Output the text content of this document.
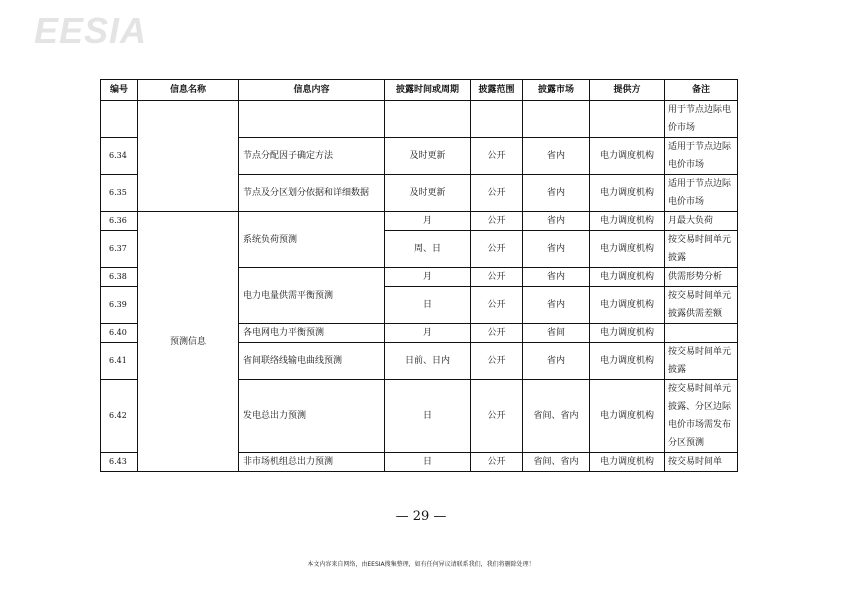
EESIA
编号	信息名称	信息内容	披露时间或周期	披露范围	披露市场	提供方	备注
							用于节点边际电价市场
6.34		节点分配因子确定方法	及时更新	公开	省内	电力调度机构	适用于节点边际电价市场
6.35		节点及分区划分依据和详细数据	及时更新	公开	省内	电力调度机构	适用于节点边际电价市场
6.36	预测信息	系统负荷预测	月	公开	省内	电力调度机构	月最大负荷
6.37			周、日	公开	省内	电力调度机构	按交易时间单元披露
6.38		电力电量供需平衡预测	月	公开	省内	电力调度机构	供需形势分析
6.39			日	公开	省内	电力调度机构	按交易时间单元披露供需差额
6.40		各电网电力平衡预测	月	公开	省间	电力调度机构	
6.41		省间联络线输电曲线预测	日前、日内	公开	省内	电力调度机构	按交易时间单元披露
6.42		发电总出力预测	日	公开	省间、省内	电力调度机构	按交易时间单元披露、分区边际电价市场需发布分区预测
6.43		非市场机组总出力预测	日	公开	省间、省内	电力调度机构	按交易时间单
— 29 —
本文内容来自网络，由EESIA搜集整理，如有任何异议请联系我们，我们将删除处理！
